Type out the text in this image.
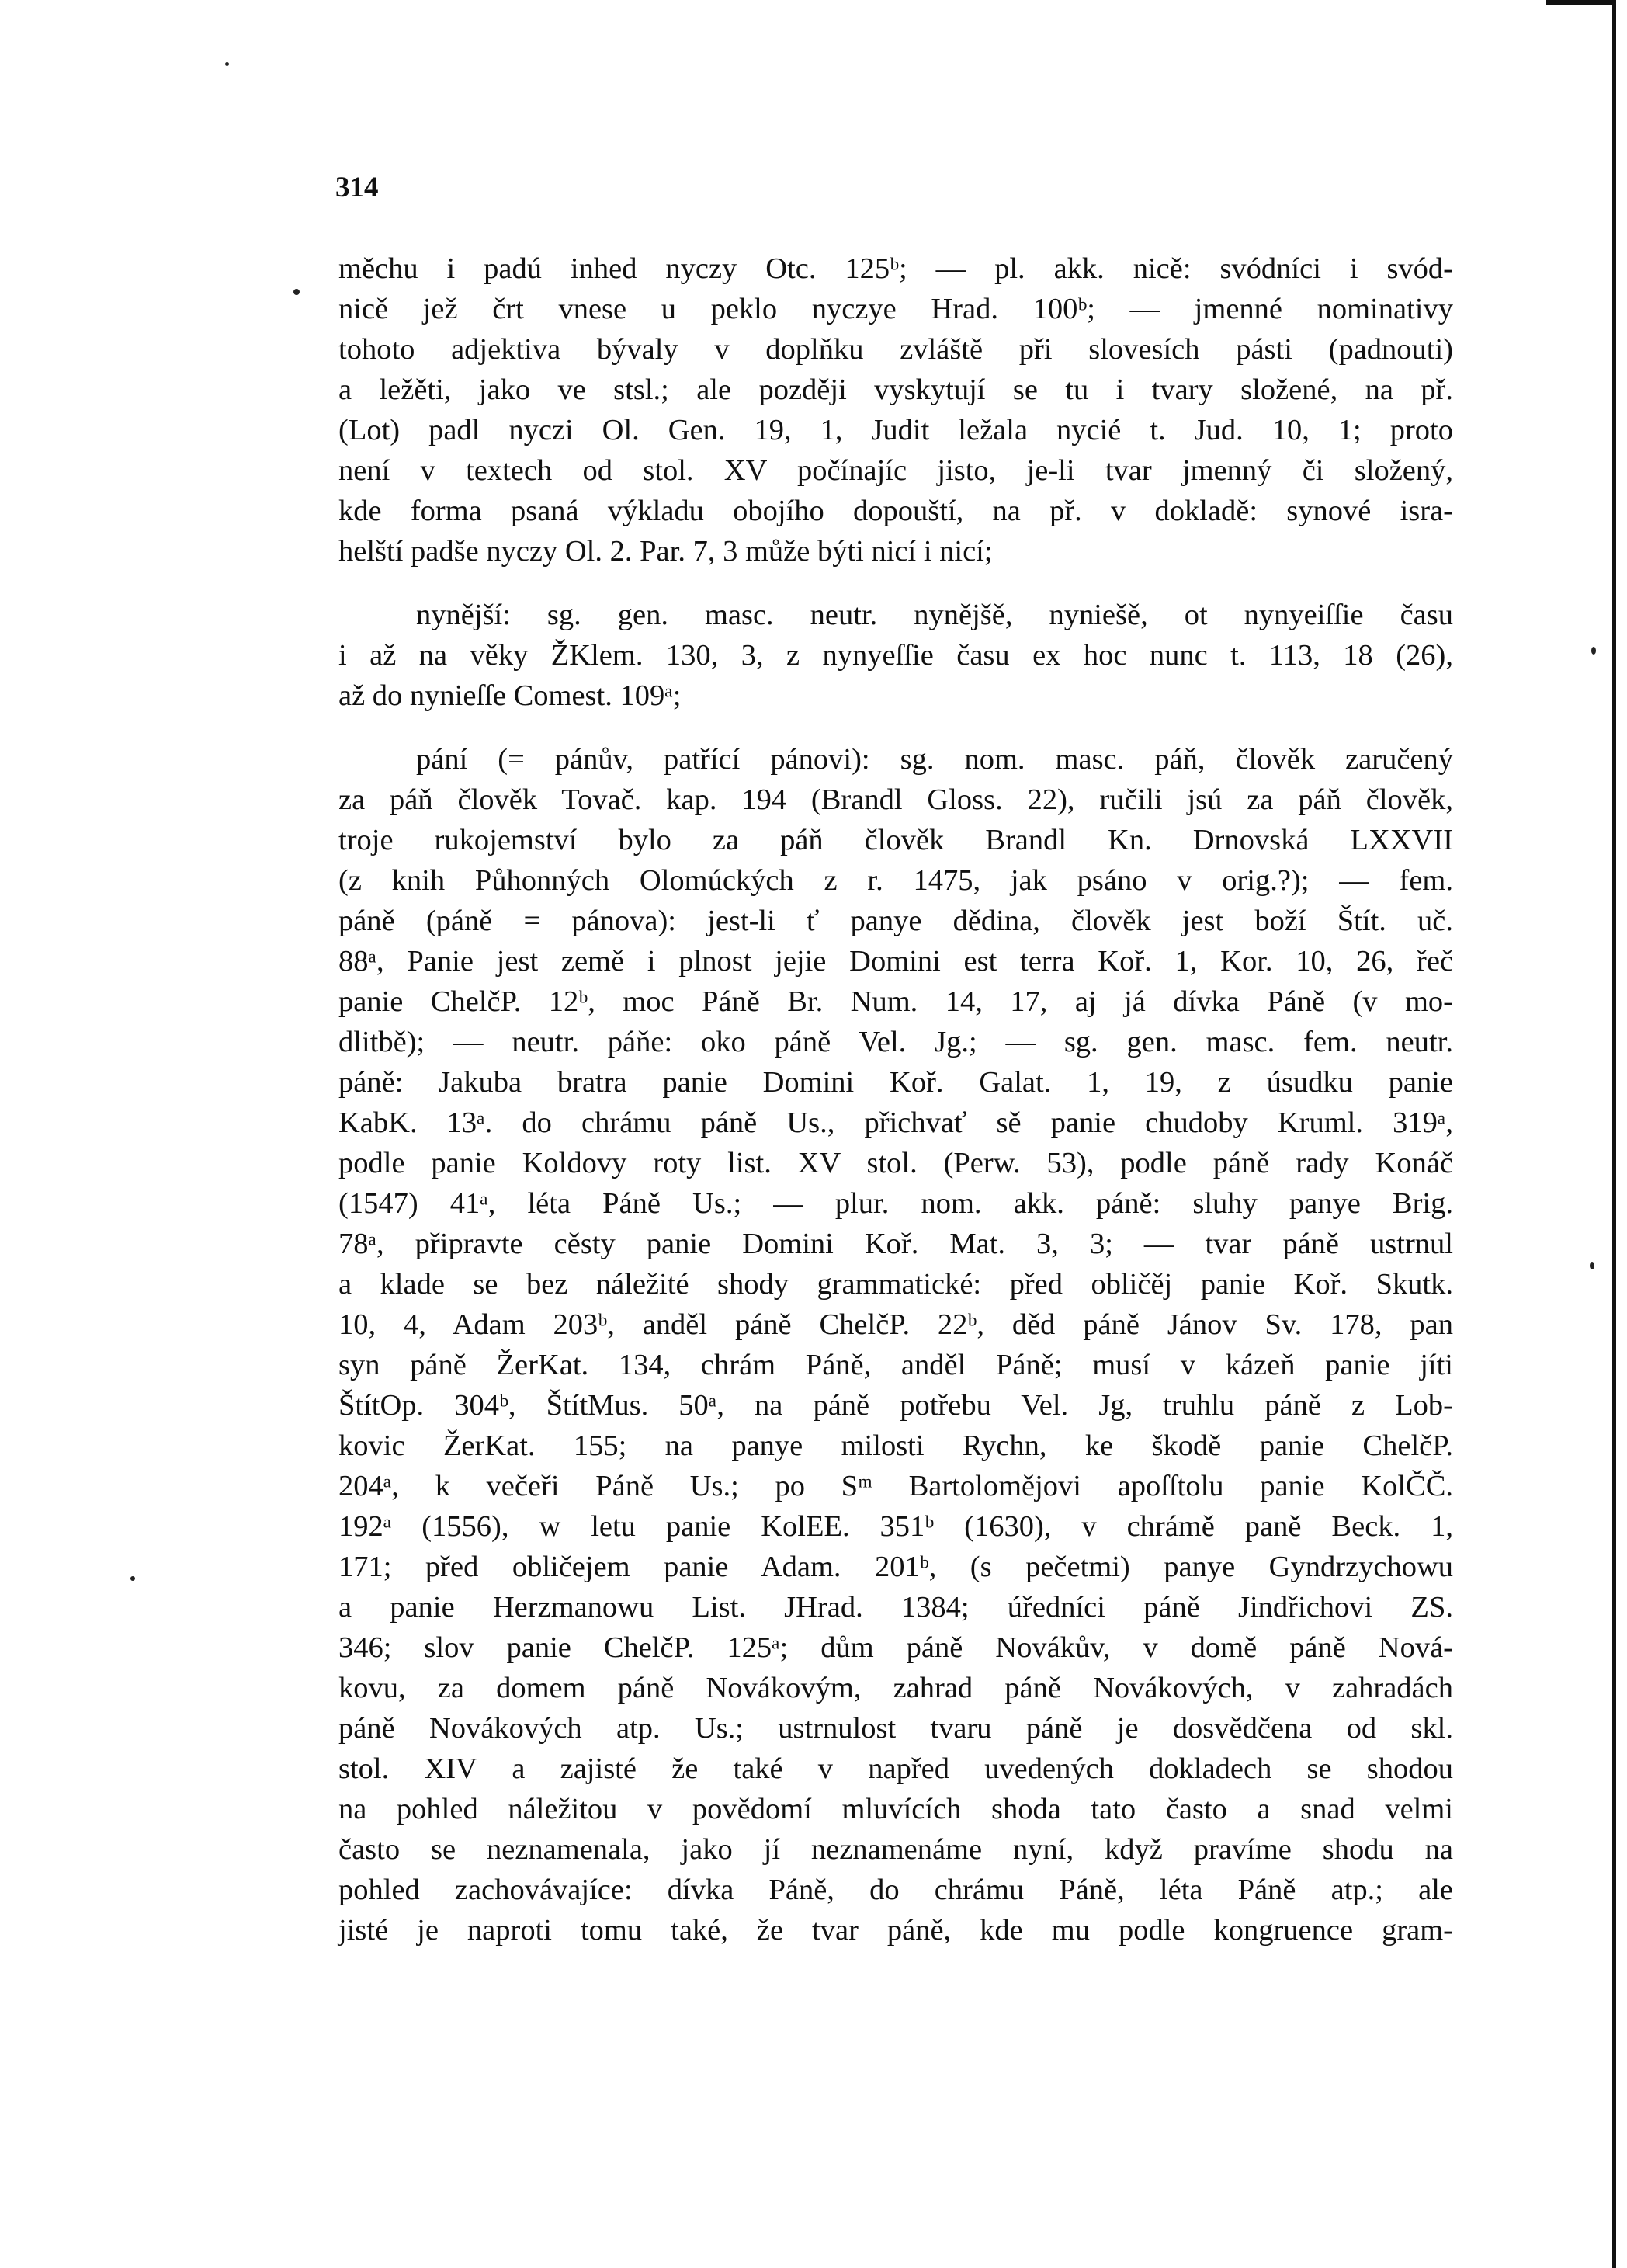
314
měchu i padú inhed nyczy Otc. 125ᵇ; — pl. akk. nicě: svódníci i svód-
nicě jež črt vnese u peklo nyczye Hrad. 100ᵇ; — jmenné nominativy
tohoto adjektiva bývaly v doplňku zvláště při slovesích pásti (padnouti)
a ležěti, jako ve stsl.; ale později vyskytují se tu i tvary složené, na př.
(Lot) padl nyczi Ol. Gen. 19, 1, Judit ležala nycié t. Jud. 10, 1; proto
není v textech od stol. XV počínajíc jisto, je-li tvar jmenný či složený,
kde forma psaná výkladu obojího dopouští, na př. v dokladě: synové isra-
helští padše nyczy Ol. 2. Par. 7, 3 může býti nicí i nicí;
nynější: sg. gen. masc. neutr. nynějšě, nyniešě, ot nynyeiſſie času
i až na věky ŽKlem. 130, 3, z nynyeſſie času ex hoc nunc t. 113, 18 (26),
až do nynieſſe Comest. 109ᵃ;
pání (= pánův, patřící pánovi): sg. nom. masc. páň, člověk zaručený
za páň člověk Tovač. kap. 194 (Brandl Gloss. 22), ručili jsú za páň člověk,
troje rukojemství bylo za páň člověk Brandl Kn. Drnovská LXXVII
(z knih Půhonných Olomúckých z r. 1475, jak psáno v orig.?); — fem.
páně (páně = pánova): jest-li ť panye dědina, člověk jest boží Štít. uč.
88ᵃ, Panie jest země i plnost jejie Domini est terra Koř. 1, Kor. 10, 26, řeč
panie ChelčP. 12ᵇ, moc Páně Br. Num. 14, 17, aj já dívka Páně (v mo-
dlitbě); — neutr. páňe: oko páně Vel. Jg.; — sg. gen. masc. fem. neutr.
páně: Jakuba bratra panie Domini Koř. Galat. 1, 19, z úsudku panie
KabK. 13ᵃ. do chrámu páně Us., přichvať sě panie chudoby Kruml. 319ᵃ,
podle panie Koldovy roty list. XV stol. (Perw. 53), podle páně rady Konáč
(1547) 41ᵃ, léta Páně Us.; — plur. nom. akk. páně: sluhy panye Brig.
78ᵃ, připravte cěsty panie Domini Koř. Mat. 3, 3; — tvar páně ustrnul
a klade se bez náležité shody grammatické: před obličěj panie Koř. Skutk.
10, 4, Adam 203ᵇ, anděl páně ChelčP. 22ᵇ, děd páně Jánov Sv. 178, pan
syn páně ŽerKat. 134, chrám Páně, anděl Páně; musí v kázeň panie jíti
ŠtítOp. 304ᵇ, ŠtítMus. 50ᵃ, na páně potřebu Vel. Jg, truhlu páně z Lob-
kovic ŽerKat. 155; na panye milosti Rychn, ke škodě panie ChelčP.
204ᵃ, k večeři Páně Us.; po Sᵐ Bartolomějovi apoſſtolu panie KolČČ.
192ᵃ (1556), w letu panie KolEE. 351ᵇ (1630), v chrámě paně Beck. 1,
171; před obličejem panie Adam. 201ᵇ, (s pečetmi) panye Gyndrzychowu
a panie Herzmanowu List. JHrad. 1384; úředníci páně Jindřichovi ZS.
346; slov panie ChelčP. 125ᵃ; dům páně Novákův, v domě páně Nová-
kovu, za domem páně Novákovým, zahrad páně Novákových, v zahradách
páně Novákových atp. Us.; ustrnulost tvaru páně je dosvědčena od skl.
stol. XIV a zajisté že také v napřed uvedených dokladech se shodou
na pohled náležitou v povědomí mluvících shoda tato často a snad velmi
často se neznamenala, jako jí neznamenáme nyní, když pravíme shodu na
pohled zachovávajíce: dívka Páně, do chrámu Páně, léta Páně atp.; ale
jisté je naproti tomu také, že tvar páně, kde mu podle kongruence gram-
